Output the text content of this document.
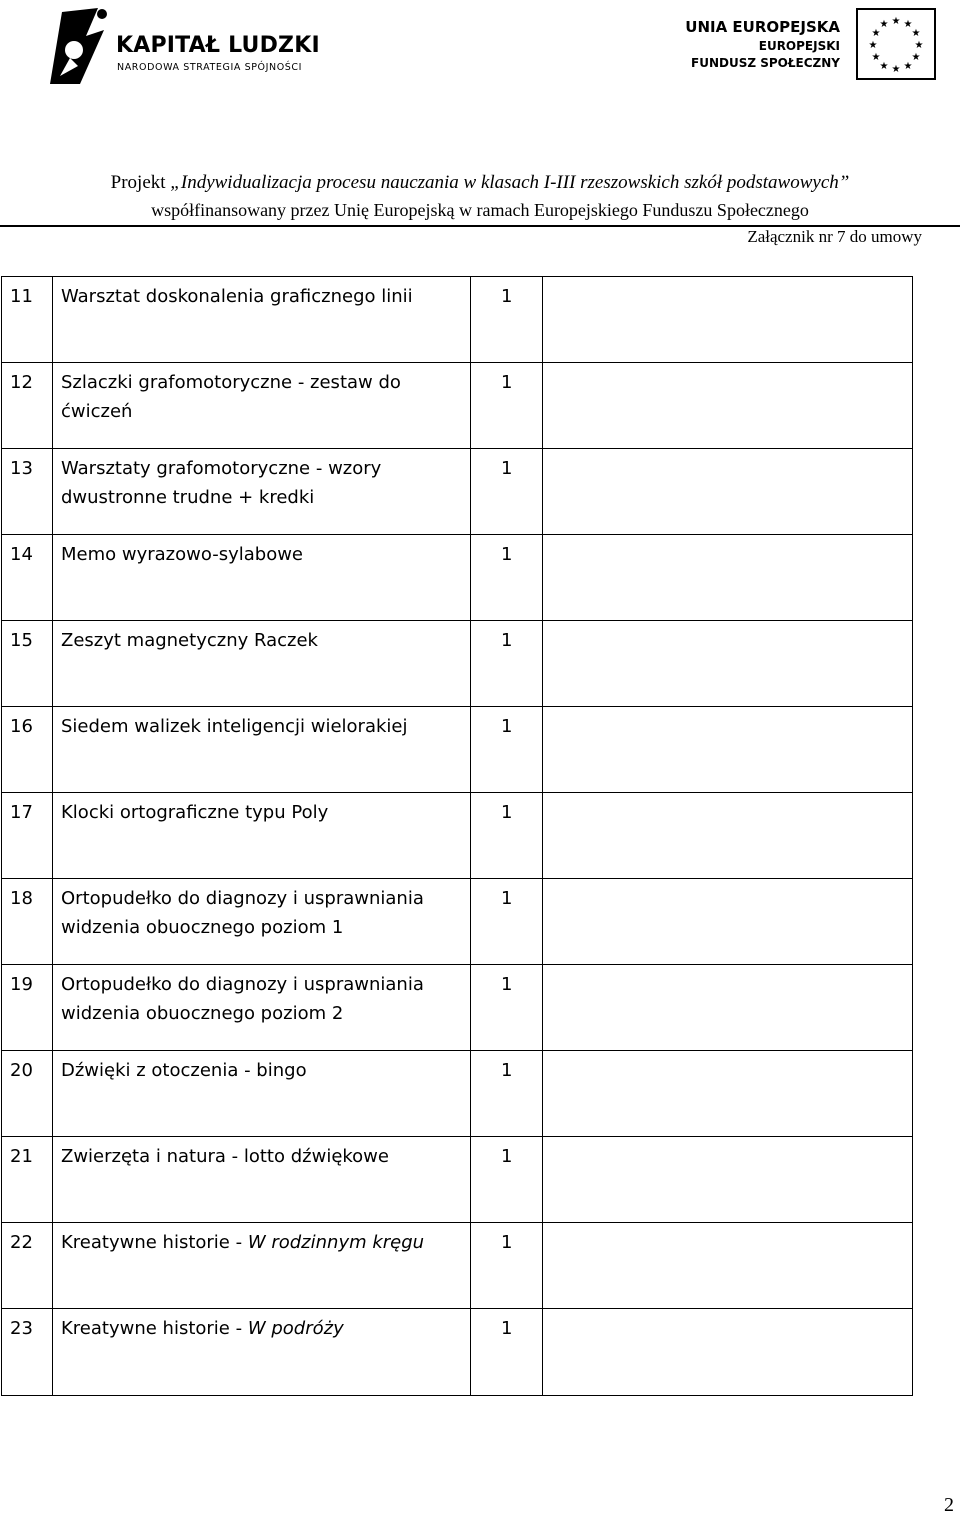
KAPITAŁ LUDZKI
NARODOWA STRATEGIA SPÓJNOŚCI
UNIA EUROPEJSKA
EUROPEJSKI
FUNDUSZ SPOŁECZNY
★ ★
★
★
★
★
★
★
★
★
★
★
Projekt „Indywidualizacja procesu nauczania w klasach I-III rzeszowskich szkół podstawowych”
współfinansowany przez Unię Europejską w ramach Europejskiego Funduszu Społecznego
Załącznik nr 7 do umowy
11	Warsztat doskonalenia graficznego linii	1	
12	Szlaczki grafomotoryczne - zestaw do ćwiczeń	1	
13	Warsztaty grafomotoryczne - wzory dwustronne trudne + kredki	1	
14	Memo wyrazowo-sylabowe	1	
15	Zeszyt magnetyczny Raczek	1	
16	Siedem walizek inteligencji wielorakiej	1	
17	Klocki ortograficzne typu Poly	1	
18	Ortopudełko do diagnozy i usprawniania widzenia obuocznego poziom 1	1	
19	Ortopudełko do diagnozy i usprawniania widzenia obuocznego poziom 2	1	
20	Dźwięki z otoczenia - bingo	1	
21	Zwierzęta i natura - lotto dźwiękowe	1	
22	Kreatywne historie - W rodzinnym kręgu	1	
23	Kreatywne historie - W podróży	1	
2
